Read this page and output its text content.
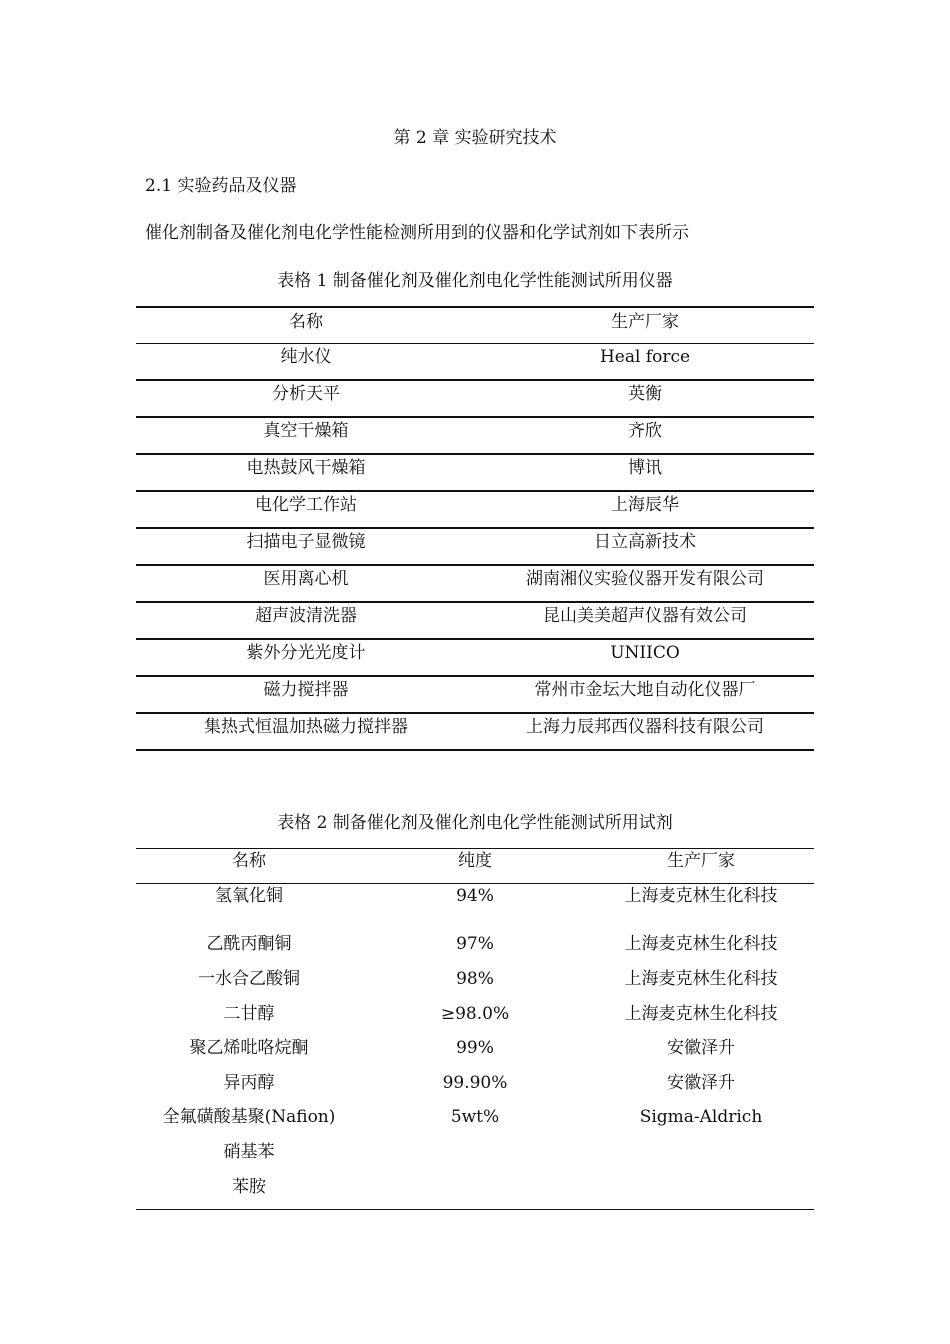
第 2 章 实验研究技术
2.1 实验药品及仪器
催化剂制备及催化剂电化学性能检测所用到的仪器和化学试剂如下表所示
表格 1 制备催化剂及催化剂电化学性能测试所用仪器
名称	生产厂家
纯水仪	Heal force
分析天平	英衡
真空干燥箱	齐欣
电热鼓风干燥箱	博讯
电化学工作站	上海辰华
扫描电子显微镜	日立高新技术
医用离心机	湖南湘仪实验仪器开发有限公司
超声波清洗器	昆山美美超声仪器有效公司
紫外分光光度计	UNIICO
磁力搅拌器	常州市金坛大地自动化仪器厂
集热式恒温加热磁力搅拌器	上海力辰邦西仪器科技有限公司
表格 2 制备催化剂及催化剂电化学性能测试所用试剂
名称	纯度	生产厂家
氢氧化铜	94%	上海麦克林生化科技
乙酰丙酮铜	97%	上海麦克林生化科技
一水合乙酸铜	98%	上海麦克林生化科技
二甘醇	≥98.0%	上海麦克林生化科技
聚乙烯吡咯烷酮	99%	安徽泽升
异丙醇	99.90%	安徽泽升
全氟磺酸基聚(Nafion)	5wt%	Sigma-Aldrich
硝基苯
苯胺
